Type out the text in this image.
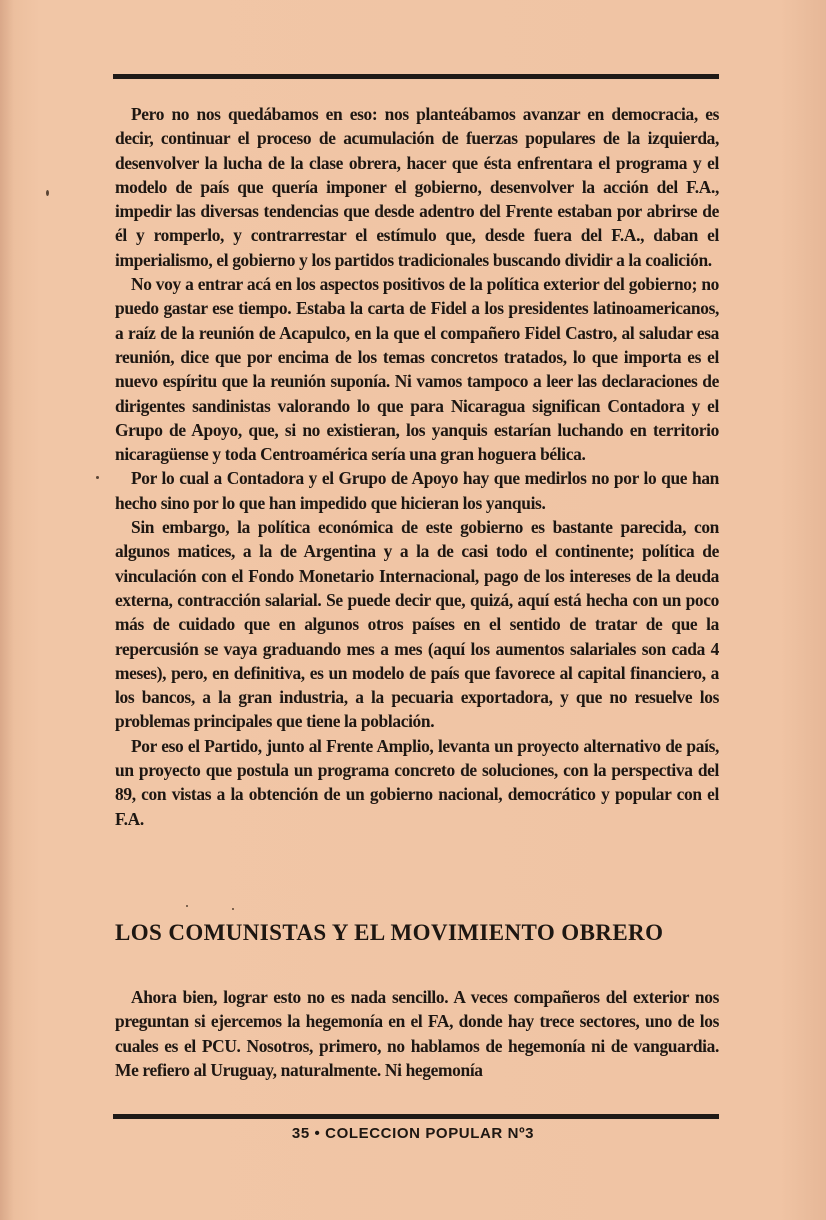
Pero no nos quedábamos en eso: nos planteábamos avanzar en democracia, es decir, continuar el proceso de acumulación de fuerzas populares de la izquierda, desenvolver la lucha de la clase obrera, hacer que ésta enfrentara el programa y el modelo de país que quería imponer el gobierno, desenvolver la acción del F.A., impedir las diversas tendencias que desde adentro del Frente estaban por abrirse de él y romperlo, y contrarrestar el estímulo que, desde fuera del F.A., daban el imperialismo, el gobierno y los partidos tradicionales buscando dividir a la coalición.

No voy a entrar acá en los aspectos positivos de la política exterior del gobierno; no puedo gastar ese tiempo. Estaba la carta de Fidel a los presidentes latinoamericanos, a raíz de la reunión de Acapulco, en la que el compañero Fidel Castro, al saludar esa reunión, dice que por encima de los temas concretos tratados, lo que importa es el nuevo espíritu que la reunión suponía. Ni vamos tampoco a leer las declaraciones de dirigentes sandinistas valorando lo que para Nicaragua significan Contadora y el Grupo de Apoyo, que, si no existieran, los yanquis estarían luchando en territorio nicaragüense y toda Centroamérica sería una gran hoguera bélica.

Por lo cual a Contadora y el Grupo de Apoyo hay que medirlos no por lo que han hecho sino por lo que han impedido que hicieran los yanquis.

Sin embargo, la política económica de este gobierno es bastante parecida, con algunos matices, a la de Argentina y a la de casi todo el continente; política de vinculación con el Fondo Monetario Internacional, pago de los intereses de la deuda externa, contracción salarial. Se puede decir que, quizá, aquí está hecha con un poco más de cuidado que en algunos otros países en el sentido de tratar de que la repercusión se vaya graduando mes a mes (aquí los aumentos salariales son cada 4 meses), pero, en definitiva, es un modelo de país que favorece al capital financiero, a los bancos, a la gran industria, a la pecuaria exportadora, y que no resuelve los problemas principales que tiene la población.

Por eso el Partido, junto al Frente Amplio, levanta un proyecto alternativo de país, un proyecto que postula un programa concreto de soluciones, con la perspectiva del 89, con vistas a la obtención de un gobierno nacional, democrático y popular con el F.A.

LOS COMUNISTAS Y EL MOVIMIENTO OBRERO

Ahora bien, lograr esto no es nada sencillo. A veces compañeros del exterior nos preguntan si ejercemos la hegemonía en el FA, donde hay trece sectores, uno de los cuales es el PCU. Nosotros, primero, no hablamos de hegemonía ni de vanguardia. Me refiero al Uruguay, naturalmente. Ni hegemonía

35 • COLECCION POPULAR Nº3
